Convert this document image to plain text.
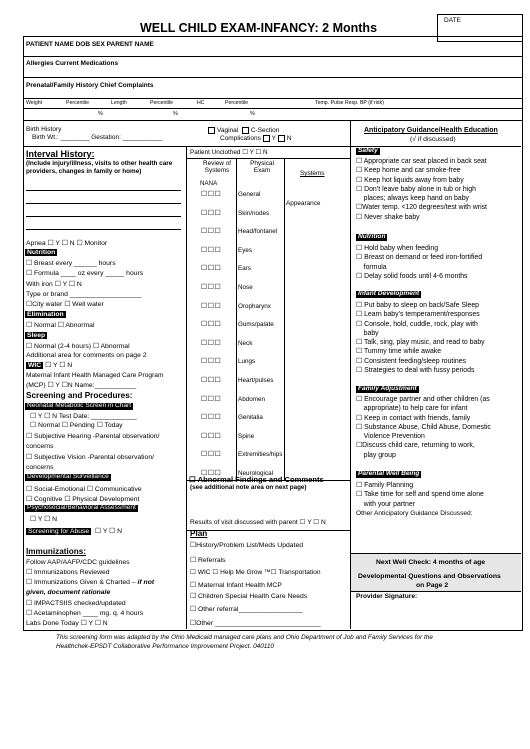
WELL CHILD EXAM-INFANCY: 2 Months
DATE
PATIENT NAME DOB SEX PARENT NAME
Allergies Current Medications
Prenatal/Family History Chief Complaints
Weight	Percentile	Length	Percentile	HC	Percentile	Temp. Pulse Resp. BP (if risk)
%	%	%
Birth History
Birth Wt.: ________ Gestation: ___________
Vaginal C-Section
Complications Y N
Interval History:
(Include injury/illness, visits to other health care
providers, changes in family or home)
Apnea ☐ Y ☐ N ☐ Monitor
Nutrition
☐ Breast every ______ hours
☐ Formula ____ oz every _____ hours
With iron ☐ Y ☐ N
Type or brand ___________________
☐City water ☐ Well water
Elimination
☐ Normal ☐ Abnormal
Sleep
☐ Normal (2-4 hours) ☐ Abnormal
Additional area for comments on page 2
WIC ☐ Y ☐ N
Maternal Infant Health Managed Care Program
(MCP) ☐ Y ☐N Name:___________
Screening and Procedures:
Neonatal Metabolic Screen in Chart
☐ Y ☐ N Test Date: ____________
☐ Normal ☐ Pending ☐ Today
☐ Subjective Hearing -Parental observation/
concerns
☐ Subjective Vision -Parental observation/
concerns
Developmental Surveillance
☐ Social-Emotional ☐ Communicative
☐ Cognitive ☐ Physical Development
Psychosocial/Behavioral Assessment
☐ Y ☐ N
Screening for Abuse ☐ Y ☐ N
Immunizations:
Follow AAP/AAFP/CDC guidelines
☐ Immunizations Reviewed
☐ Immunizations Given & Charted – if not
given, document rationale
☐ IMPACTSIIS checked/updated
☐ Acetaminophen ____ mg. q. 4 hours
Labs Done Today ☐ Y ☐ N
Patient Unclothed ☐ Y ☐ N
Review of Systems
Physical Exam	Systems
NANA
Appearance
☐☐☐	General
☐☐☐	Skin/nodes
☐☐☐	Head/fontanel
☐☐☐	Eyes
☐☐☐	Ears
☐☐☐	Nose
☐☐☐	Oropharynx
☐☐☐	Gums/palate
☐☐☐	Neck
☐☐☐	Lungs
☐☐☐	Heart/pulses
☐☐☐	Abdomen
☐☐☐	Genitalia
☐☐☐	Spine
☐☐☐	Extremities/hips
☐☐☐	Neurological
☐ Abnormal Findings and Comments
(see additional note area on next page)
Results of visit discussed with parent ☐ Y ☐ N
Plan
☐History/Problem List/Meds Updated
☐ Referrals
☐ WIC ☐ Help Me Grow ™☐ Transportation
☐ Maternal Infant Health MCP
☐ Children Special Health Care Needs
☐ Other referral_________________
☐Other ____________________________
Anticipatory Guidance/Health Education
(√ if discussed)
Safety
☐ Appropriate car seat placed in back seat
☐ Keep home and car smoke-free
☐ Keep hot liquids away from baby
☐ Don’t leave baby alone in tub or high
places; always keep hand on baby
☐Water temp. <120 degrees/test with wrist
☐ Never shake baby
Nutrition
☐ Hold baby when feeding
☐ Breast on demand or feed iron-fortified
formula
☐ Delay solid foods until 4-6 months
Infant Development
☐ Put baby to sleep on back/Safe Sleep
☐ Learn baby’s temperament/responses
☐ Console, hold, cuddle, rock, play with
baby
☐ Talk, sing, play music, and read to baby
☐ Tummy time while awake
☐ Consistent feeding/sleep routines
☐ Strategies to deal with fussy periods
Family Adjustment
☐ Encourage partner and other children (as
appropriate) to help care for infant
☐ Keep in contact with friends, family
☐ Substance Abuse, Child Abuse, Domestic
Violence Prevention
☐Discuss child care, returning to work,
play group
Parental Well Being
☐ Family Planning
☐ Take time for self and spend time alone
with your partner
Other Anticipatory Guidance Discussed:
Next Well Check: 4 months of age
Developmental Questions and Observations
on Page 2
Provider Signature:
This screening form was adapted by the Ohio Medicaid managed care plans and Ohio Department of Job and Family Services for the
Healthchek-EPSDT Collaborative Performance Improvement Project. 040110
